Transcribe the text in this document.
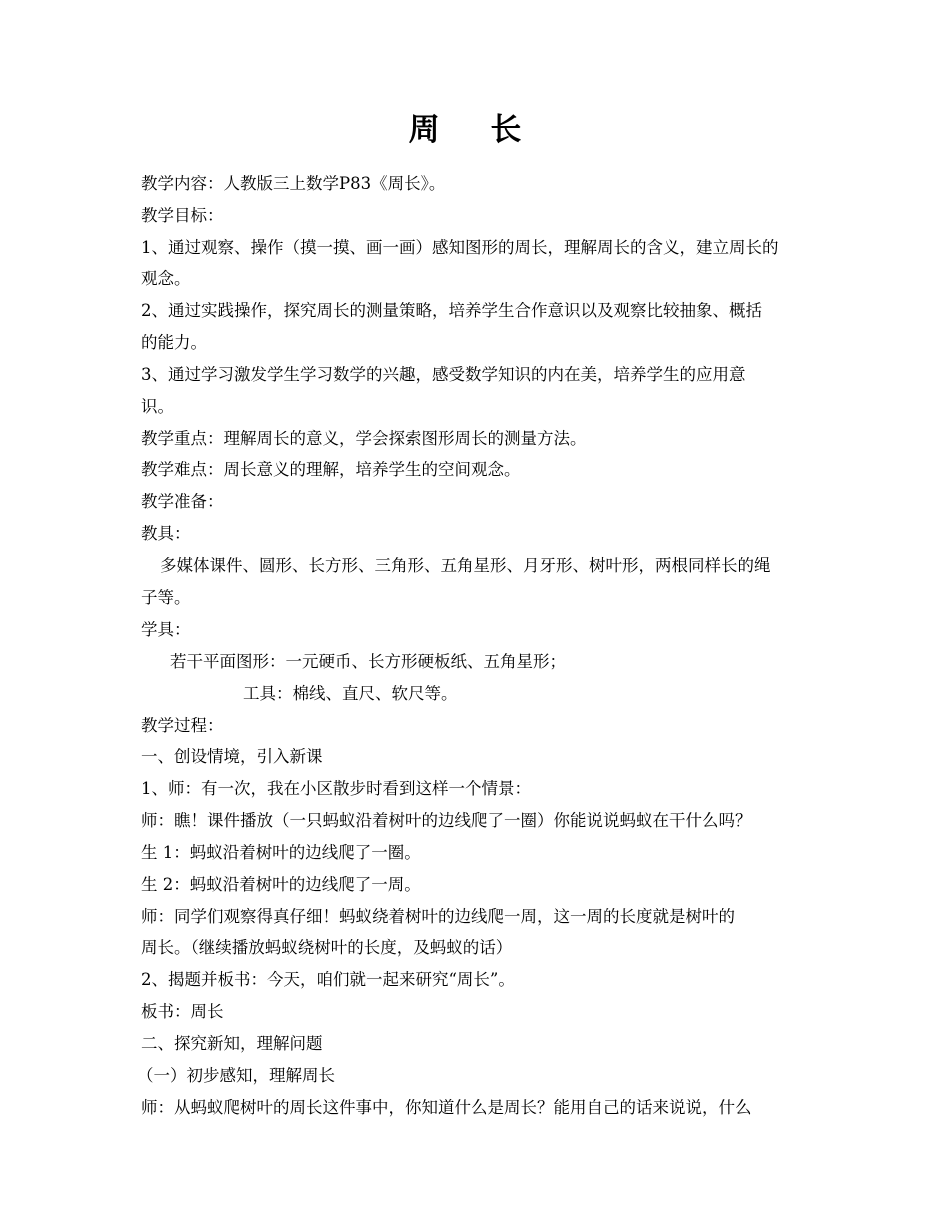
周 长
教学内容：人教版三上数学P83《周长》。
教学目标：
1、通过观察、操作（摸一摸、画一画）感知图形的周长，理解周长的含义，建立周长的
观念。
2、通过实践操作，探究周长的测量策略，培养学生合作意识以及观察比较抽象、概括
的能力。
3、通过学习激发学生学习数学的兴趣，感受数学知识的内在美，培养学生的应用意
识。
教学重点：理解周长的意义，学会探索图形周长的测量方法。
教学难点：周长意义的理解，培养学生的空间观念。
教学准备：
教具：
多媒体课件、圆形、长方形、三角形、五角星形、月牙形、树叶形，两根同样长的绳
子等。
学具：
若干平面图形：一元硬币、长方形硬板纸、五角星形；
工具：棉线、直尺、软尺等。
教学过程：
一、创设情境，引入新课
1、师：有一次，我在小区散步时看到这样一个情景：
师：瞧！课件播放（一只蚂蚁沿着树叶的边线爬了一圈）你能说说蚂蚁在干什么吗？
生 1：蚂蚁沿着树叶的边线爬了一圈。
生 2：蚂蚁沿着树叶的边线爬了一周。
师：同学们观察得真仔细！蚂蚁绕着树叶的边线爬一周，这一周的长度就是树叶的
周长。（继续播放蚂蚁绕树叶的长度，及蚂蚁的话）
2、揭题并板书：今天，咱们就一起来研究“周长”。
板书：周长
二、探究新知，理解问题
（一）初步感知，理解周长
师：从蚂蚁爬树叶的周长这件事中，你知道什么是周长？能用自己的话来说说，什么
